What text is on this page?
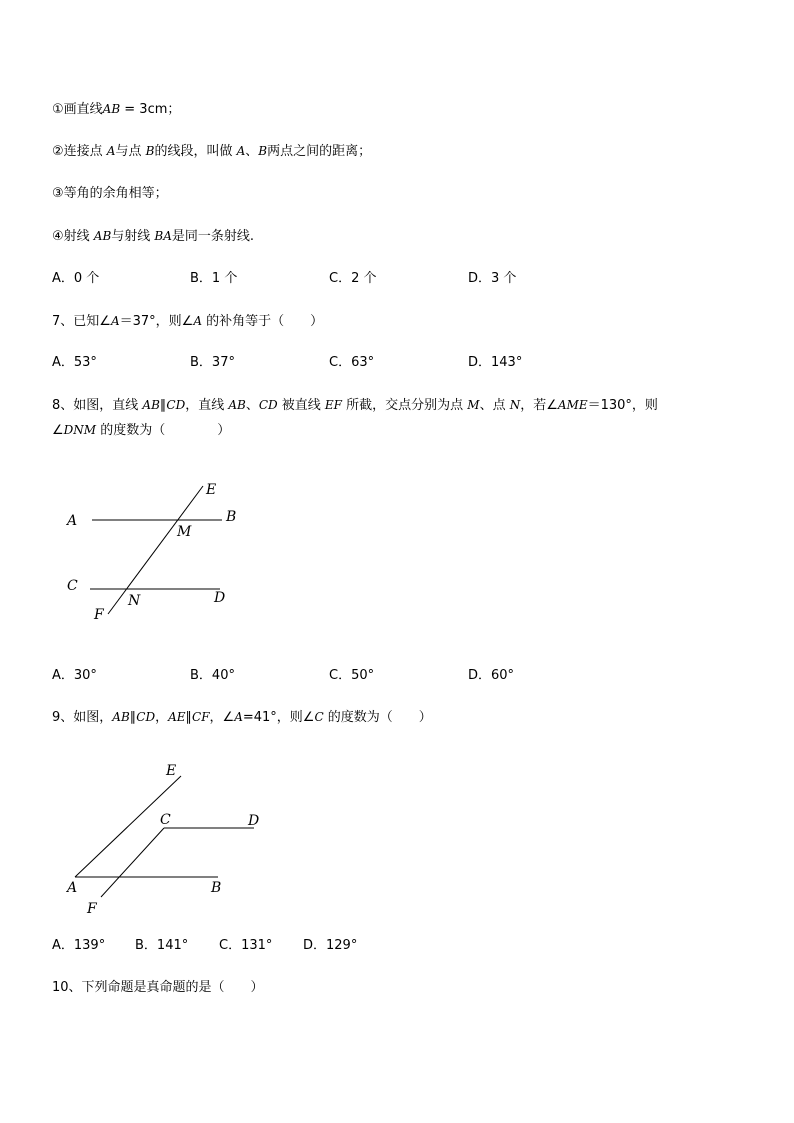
①画直线AB = 3cm；
②连接点 A与点 B的线段，叫做 A、B两点之间的距离；
③等角的余角相等；
④射线 AB与射线 BA是同一条射线.
A．0 个	B．1 个	C．2 个	D．3 个
7、已知∠A＝37°，则∠A 的补角等于（　　）
A．53°	B．37°	C．63°	D．143°
8、如图，直线 AB∥CD，直线 AB、CD 被直线 EF 所截，交点分别为点 M、点 N，若∠AME＝130°，则
∠DNM 的度数为（　　　　）
E
A	B
M
C
D
N
F
A．30°	B．40°	C．50°	D．60°
9、如图，AB∥CD，AE∥CF，∠A=41°，则∠C 的度数为（　　）
E
C	D
A	B
F
A．139° B．141° C．131° D．129°
10、下列命题是真命题的是（　　）
